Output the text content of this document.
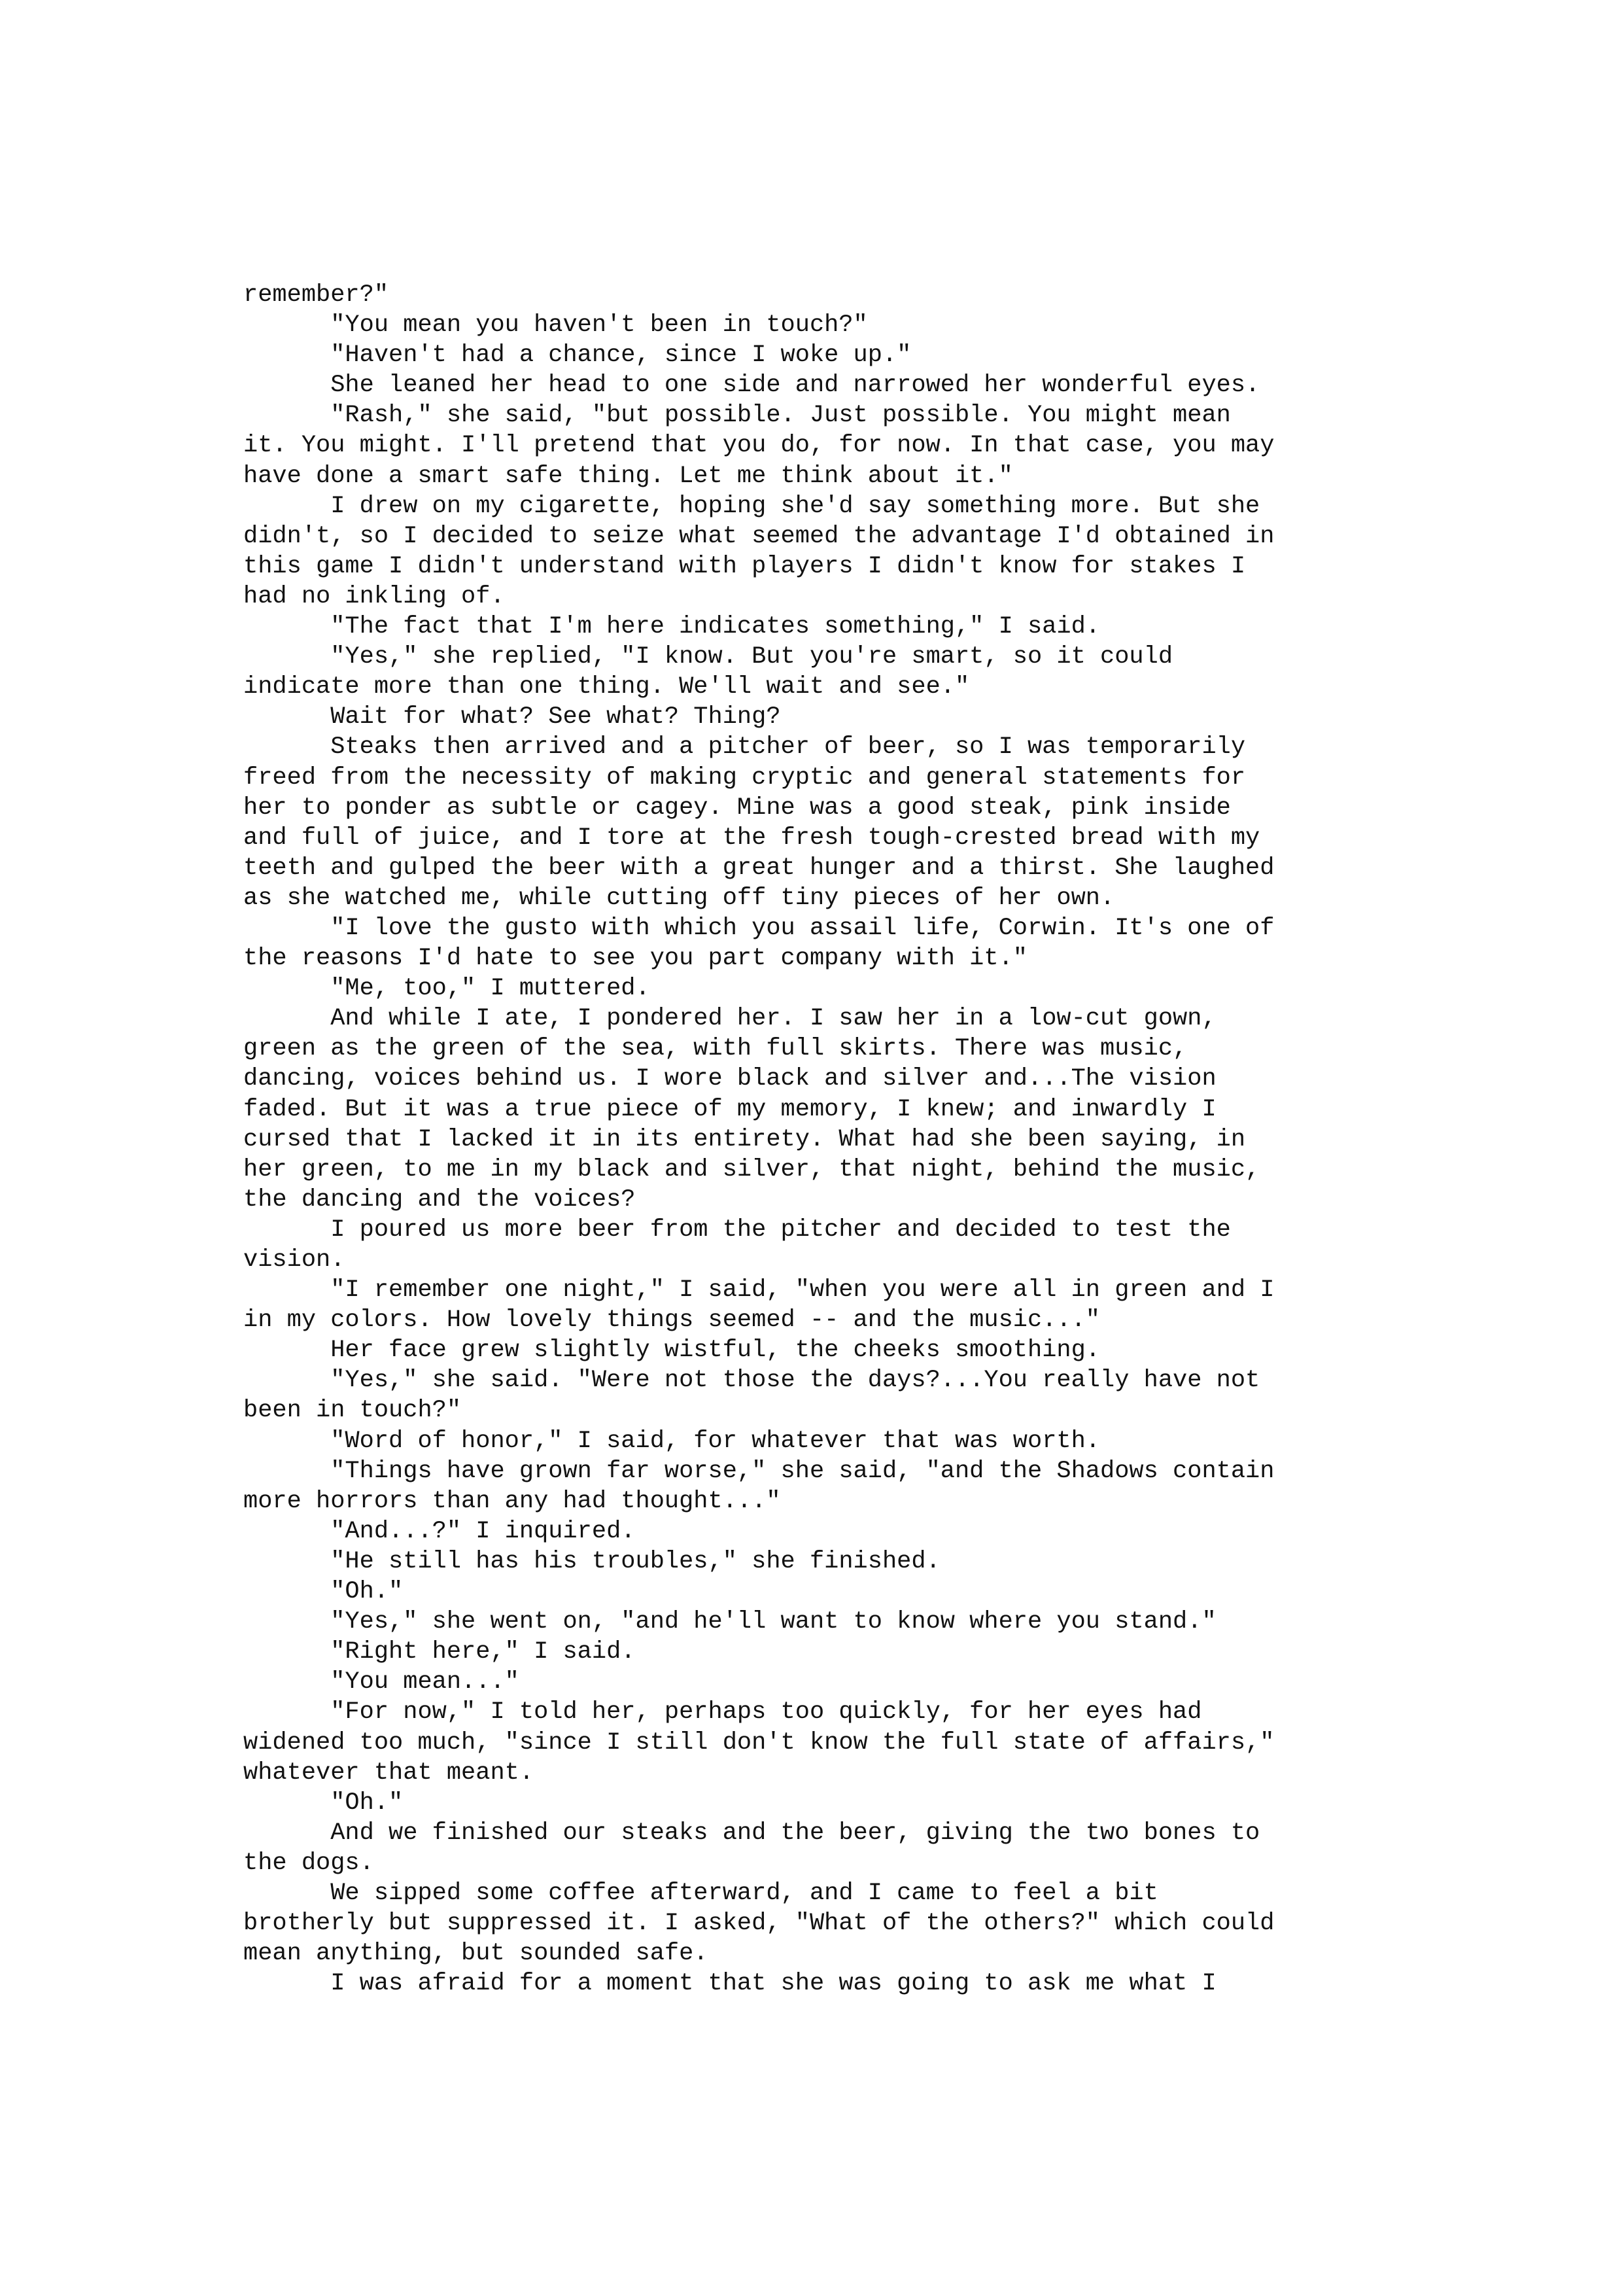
remember?"
"You mean you haven't been in touch?"
"Haven't had a chance, since I woke up."
She leaned her head to one side and narrowed her wonderful eyes.
"Rash," she said, "but possible. Just possible. You might mean
it. You might. I'll pretend that you do, for now. In that case, you may
have done a smart safe thing. Let me think about it."
I drew on my cigarette, hoping she'd say something more. But she
didn't, so I decided to seize what seemed the advantage I'd obtained in
this game I didn't understand with players I didn't know for stakes I
had no inkling of.
"The fact that I'm here indicates something," I said.
"Yes," she replied, "I know. But you're smart, so it could
indicate more than one thing. We'll wait and see."
Wait for what? See what? Thing?
Steaks then arrived and a pitcher of beer, so I was temporarily
freed from the necessity of making cryptic and general statements for
her to ponder as subtle or cagey. Mine was a good steak, pink inside
and full of juice, and I tore at the fresh tough-crested bread with my
teeth and gulped the beer with a great hunger and a thirst. She laughed
as she watched me, while cutting off tiny pieces of her own.
"I love the gusto with which you assail life, Corwin. It's one of
the reasons I'd hate to see you part company with it."
"Me, too," I muttered.
And while I ate, I pondered her. I saw her in a low-cut gown,
green as the green of the sea, with full skirts. There was music,
dancing, voices behind us. I wore black and silver and...The vision
faded. But it was a true piece of my memory, I knew; and inwardly I
cursed that I lacked it in its entirety. What had she been saying, in
her green, to me in my black and silver, that night, behind the music,
the dancing and the voices?
I poured us more beer from the pitcher and decided to test the
vision.
"I remember one night," I said, "when you were all in green and I
in my colors. How lovely things seemed -- and the music..."
Her face grew slightly wistful, the cheeks smoothing.
"Yes," she said. "Were not those the days?...You really have not
been in touch?"
"Word of honor," I said, for whatever that was worth.
"Things have grown far worse," she said, "and the Shadows contain
more horrors than any had thought..."
"And...?" I inquired.
"He still has his troubles," she finished.
"Oh."
"Yes," she went on, "and he'll want to know where you stand."
"Right here," I said.
"You mean..."
"For now," I told her, perhaps too quickly, for her eyes had
widened too much, "since I still don't know the full state of affairs,"
whatever that meant.
"Oh."
And we finished our steaks and the beer, giving the two bones to
the dogs.
We sipped some coffee afterward, and I came to feel a bit
brotherly but suppressed it. I asked, "What of the others?" which could
mean anything, but sounded safe.
I was afraid for a moment that she was going to ask me what I
